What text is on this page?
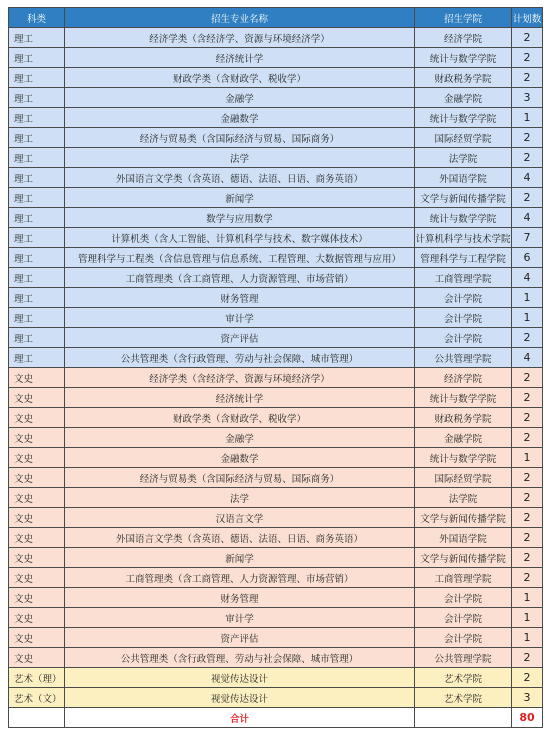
科类	招生专业名称	招生学院	计划数
理工	经济学类（含经济学、资源与环境经济学）	经济学院	2
理工	经济统计学	统计与数学学院	2
理工	财政学类（含财政学、税收学）	财政税务学院	2
理工	金融学	金融学院	3
理工	金融数学	统计与数学学院	1
理工	经济与贸易类（含国际经济与贸易、国际商务）	国际经贸学院	2
理工	法学	法学院	2
理工	外国语言文学类（含英语、德语、法语、日语、商务英语）	外国语学院	4
理工	新闻学	文学与新闻传播学院	2
理工	数学与应用数学	统计与数学学院	4
理工	计算机类（含人工智能、计算机科学与技术、数字媒体技术）	计算机科学与技术学院	7
理工	管理科学与工程类（含信息管理与信息系统、工程管理、大数据管理与应用）	管理科学与工程学院	6
理工	工商管理类（含工商管理、人力资源管理、市场营销）	工商管理学院	4
理工	财务管理	会计学院	1
理工	审计学	会计学院	1
理工	资产评估	会计学院	2
理工	公共管理类（含行政管理、劳动与社会保障、城市管理）	公共管理学院	4
文史	经济学类（含经济学、资源与环境经济学）	经济学院	2
文史	经济统计学	统计与数学学院	2
文史	财政学类（含财政学、税收学）	财政税务学院	2
文史	金融学	金融学院	2
文史	金融数学	统计与数学学院	1
文史	经济与贸易类（含国际经济与贸易、国际商务）	国际经贸学院	2
文史	法学	法学院	2
文史	汉语言文学	文学与新闻传播学院	2
文史	外国语言文学类（含英语、德语、法语、日语、商务英语）	外国语学院	2
文史	新闻学	文学与新闻传播学院	2
文史	工商管理类（含工商管理、人力资源管理、市场营销）	工商管理学院	2
文史	财务管理	会计学院	1
文史	审计学	会计学院	1
文史	资产评估	会计学院	1
文史	公共管理类（含行政管理、劳动与社会保障、城市管理）	公共管理学院	2
艺术（理）	视觉传达设计	艺术学院	2
艺术（文）	视觉传达设计	艺术学院	3
	合计		80
